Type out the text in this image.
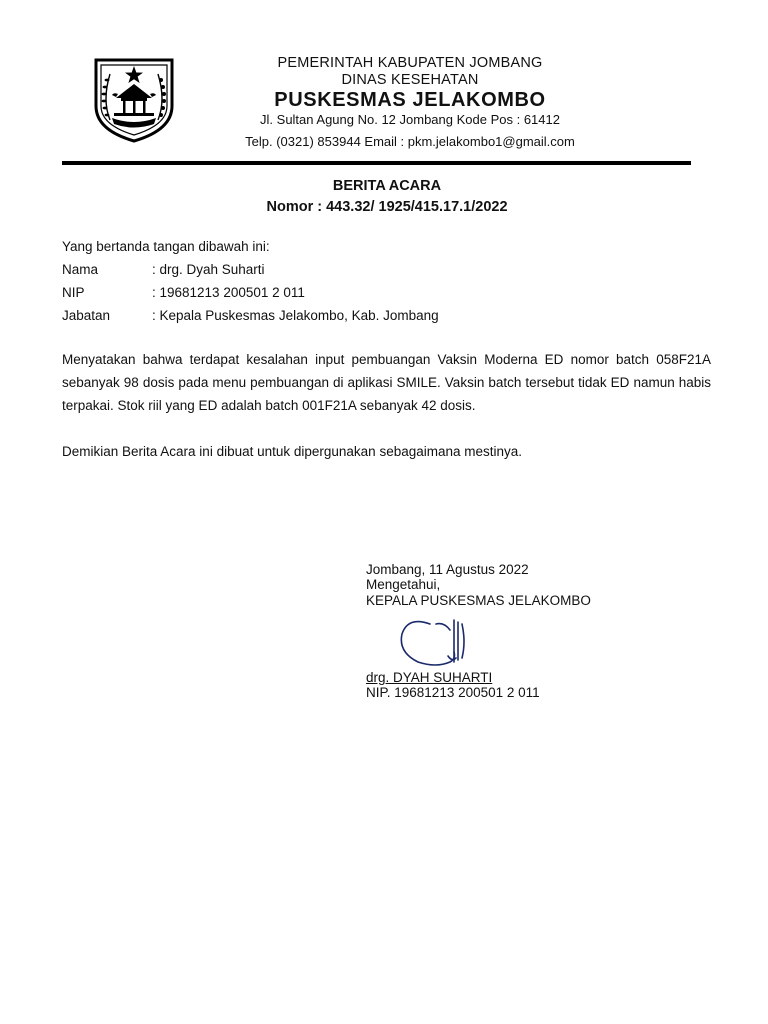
PEMERINTAH KABUPATEN JOMBANG
DINAS KESEHATAN
PUSKESMAS JELAKOMBO
Jl. Sultan Agung No. 12 Jombang Kode Pos : 61412
Telp. (0321) 853944 Email : pkm.jelakombo1@gmail.com
BERITA ACARA
Nomor : 443.32/ 1925/415.17.1/2022
Yang bertanda tangan dibawah ini:
Nama	: drg. Dyah Suharti
NIP	: 19681213 200501 2 011
Jabatan	: Kepala Puskesmas Jelakombo, Kab. Jombang
Menyatakan bahwa terdapat kesalahan input pembuangan Vaksin Moderna ED nomor batch 058F21A sebanyak 98 dosis pada menu pembuangan di aplikasi SMILE. Vaksin batch tersebut tidak ED namun habis terpakai. Stok riil yang ED adalah batch 001F21A sebanyak 42 dosis.
Demikian Berita Acara ini dibuat untuk dipergunakan sebagaimana mestinya.
Jombang, 11 Agustus 2022
Mengetahui,
KEPALA PUSKESMAS JELAKOMBO
drg. DYAH SUHARTI
NIP. 19681213 200501 2 011
